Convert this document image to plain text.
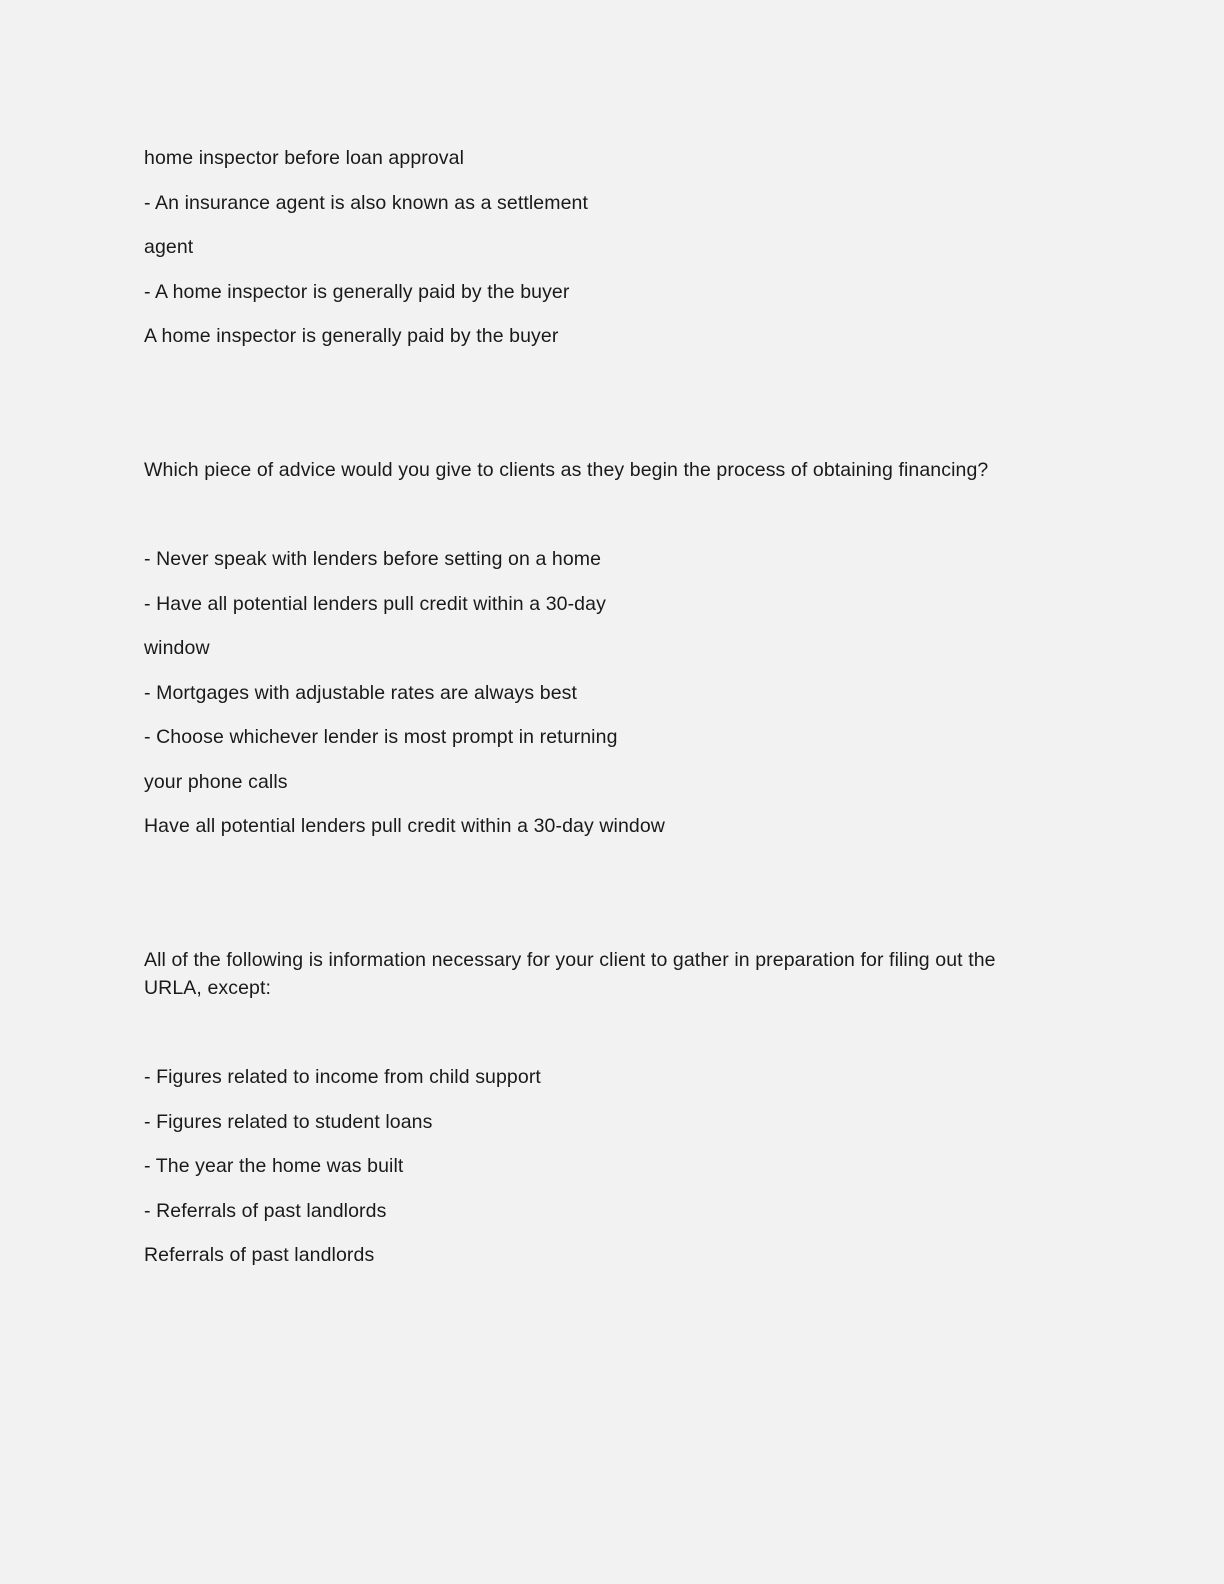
home inspector before loan approval
- An insurance agent is also known as a settlement
agent
- A home inspector is generally paid by the buyer
A home inspector is generally paid by the buyer
Which piece of advice would you give to clients as they begin the process of obtaining financing?
- Never speak with lenders before setting on a home
- Have all potential lenders pull credit within a 30-day
window
- Mortgages with adjustable rates are always best
- Choose whichever lender is most prompt in returning
your phone calls
Have all potential lenders pull credit within a 30-day window
All of the following is information necessary for your client to gather in preparation for filing out the
URLA, except:
- Figures related to income from child support
- Figures related to student loans
- The year the home was built
- Referrals of past landlords
Referrals of past landlords
